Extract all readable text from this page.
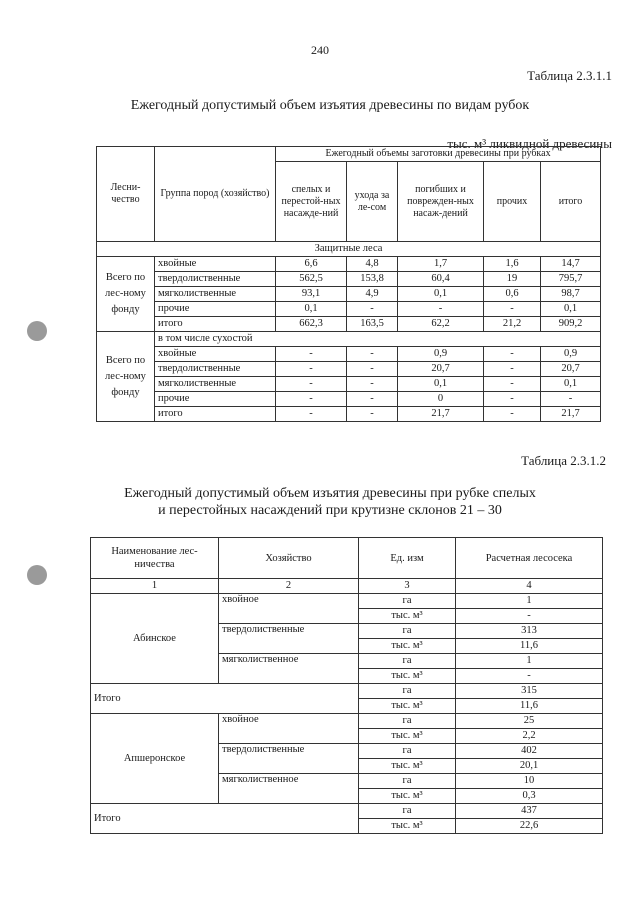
240
Таблица 2.3.1.1
Ежегодный допустимый объем изъятия древесины по видам рубок
тыс. м³ ликвидной древесины
Лесни-чество	Группа пород (хозяйство)	Ежегодный объемы заготовки древесины при рубках				
		спелых и перестой-ных насажде-ний	ухода за ле-сом	погибших и поврежден-ных насаж-дений	прочих	итого
Защитные леса						
Всего по лес-ному фонду	хвойные	6,6	4,8	1,7	1,6	14,7
	твердолиственные	562,5	153,8	60,4	19	795,7
	мягколиственные	93,1	4,9	0,1	0,6	98,7
	прочие	0,1	-	-	-	0,1
	итого	662,3	163,5	62,2	21,2	909,2
Всего по лес-ному фонду	в том числе сухостой					
	хвойные	-	-	0,9	-	0,9
	твердолиственные	-	-	20,7	-	20,7
	мягколиственные	-	-	0,1	-	0,1
	прочие	-	-	0	-	-
	итого	-	-	21,7	-	21,7
Таблица 2.3.1.2
Ежегодный допустимый объем изъятия древесины при рубке спелых
и перестойных насаждений при крутизне склонов 21 – 30
Наименование лес-ничества	Хозяйство	Ед. изм	Расчетная лесосека
1	2	3	4
Абинское	хвойное	га	1
		тыс. м³	-
	твердолиственные	га	313
		тыс. м³	11,6
	мягколиственное	га	1
		тыс. м³	-
Итого		га	315
		тыс. м³	11,6
Апшеронское	хвойное	га	25
		тыс. м³	2,2
	твердолиственные	га	402
		тыс. м³	20,1
	мягколиственное	га	10
		тыс. м³	0,3
Итого		га	437
		тыс. м³	22,6
